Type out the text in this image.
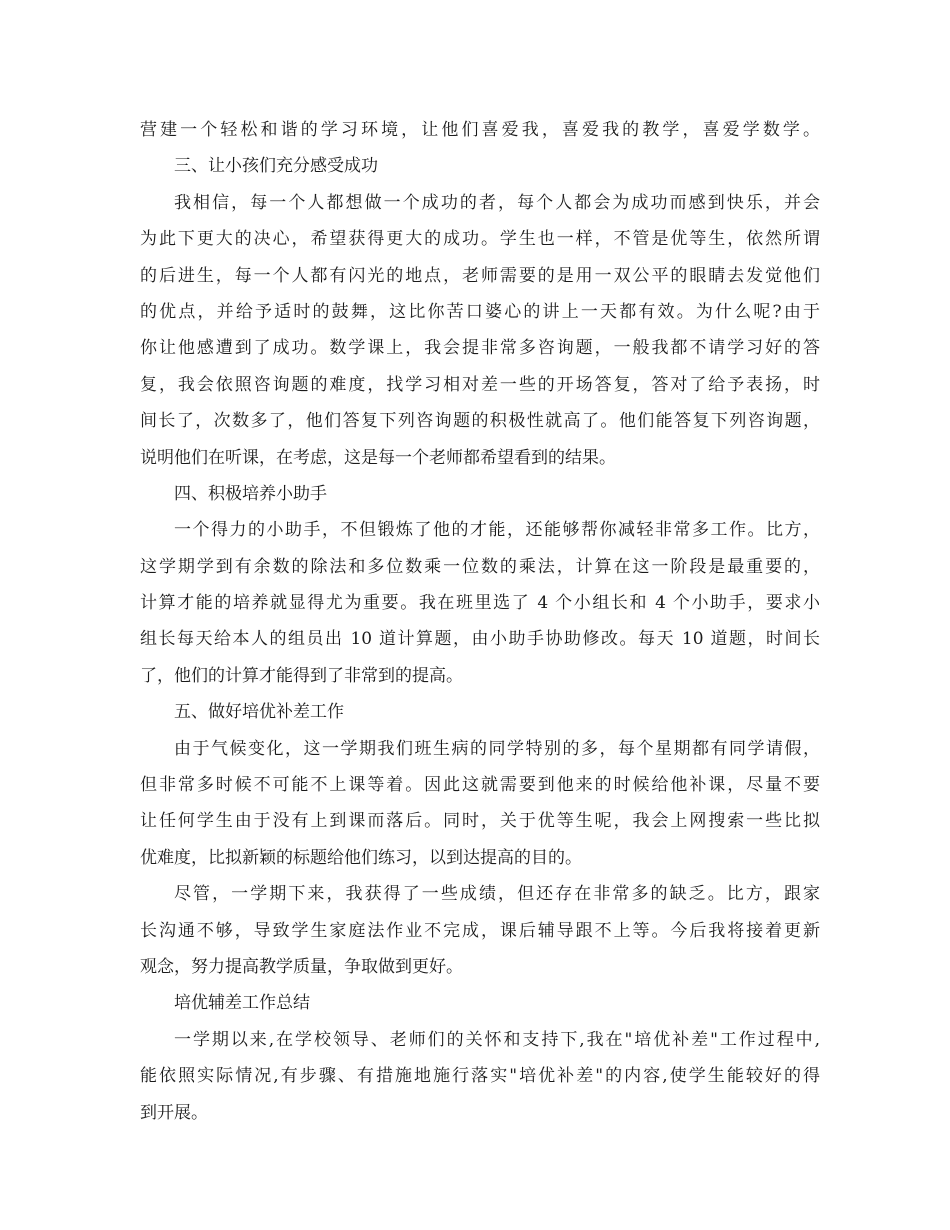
营建一个轻松和谐的学习环境，让他们喜爱我，喜爱我的教学，喜爱学数学。
三、让小孩们充分感受成功
我相信，每一个人都想做一个成功的者，每个人都会为成功而感到快乐，并会
为此下更大的决心，希望获得更大的成功。学生也一样，不管是优等生，依然所谓
的后进生，每一个人都有闪光的地点，老师需要的是用一双公平的眼睛去发觉他们
的优点，并给予适时的鼓舞，这比你苦口婆心的讲上一天都有效。为什么呢?由于
你让他感遭到了成功。数学课上，我会提非常多咨询题，一般我都不请学习好的答
复，我会依照咨询题的难度，找学习相对差一些的开场答复，答对了给予表扬，时
间长了，次数多了，他们答复下列咨询题的积极性就高了。他们能答复下列咨询题，
说明他们在听课，在考虑，这是每一个老师都希望看到的结果。
四、积极培养小助手
一个得力的小助手，不但锻炼了他的才能，还能够帮你减轻非常多工作。比方，
这学期学到有余数的除法和多位数乘一位数的乘法，计算在这一阶段是最重要的，
计算才能的培养就显得尤为重要。我在班里选了 4 个小组长和 4 个小助手，要求小
组长每天给本人的组员出 10 道计算题，由小助手协助修改。每天 10 道题，时间长
了，他们的计算才能得到了非常到的提高。
五、做好培优补差工作
由于气候变化，这一学期我们班生病的同学特别的多，每个星期都有同学请假，
但非常多时候不可能不上课等着。因此这就需要到他来的时候给他补课，尽量不要
让任何学生由于没有上到课而落后。同时，关于优等生呢，我会上网搜索一些比拟
优难度，比拟新颖的标题给他们练习，以到达提高的目的。
尽管，一学期下来，我获得了一些成绩，但还存在非常多的缺乏。比方，跟家
长沟通不够，导致学生家庭法作业不完成，课后辅导跟不上等。今后我将接着更新
观念，努力提高教学质量，争取做到更好。
培优辅差工作总结
一学期以来,在学校领导、老师们的关怀和支持下,我在"培优补差"工作过程中,
能依照实际情况,有步骤、有措施地施行落实"培优补差"的内容,使学生能较好的得
到开展。
